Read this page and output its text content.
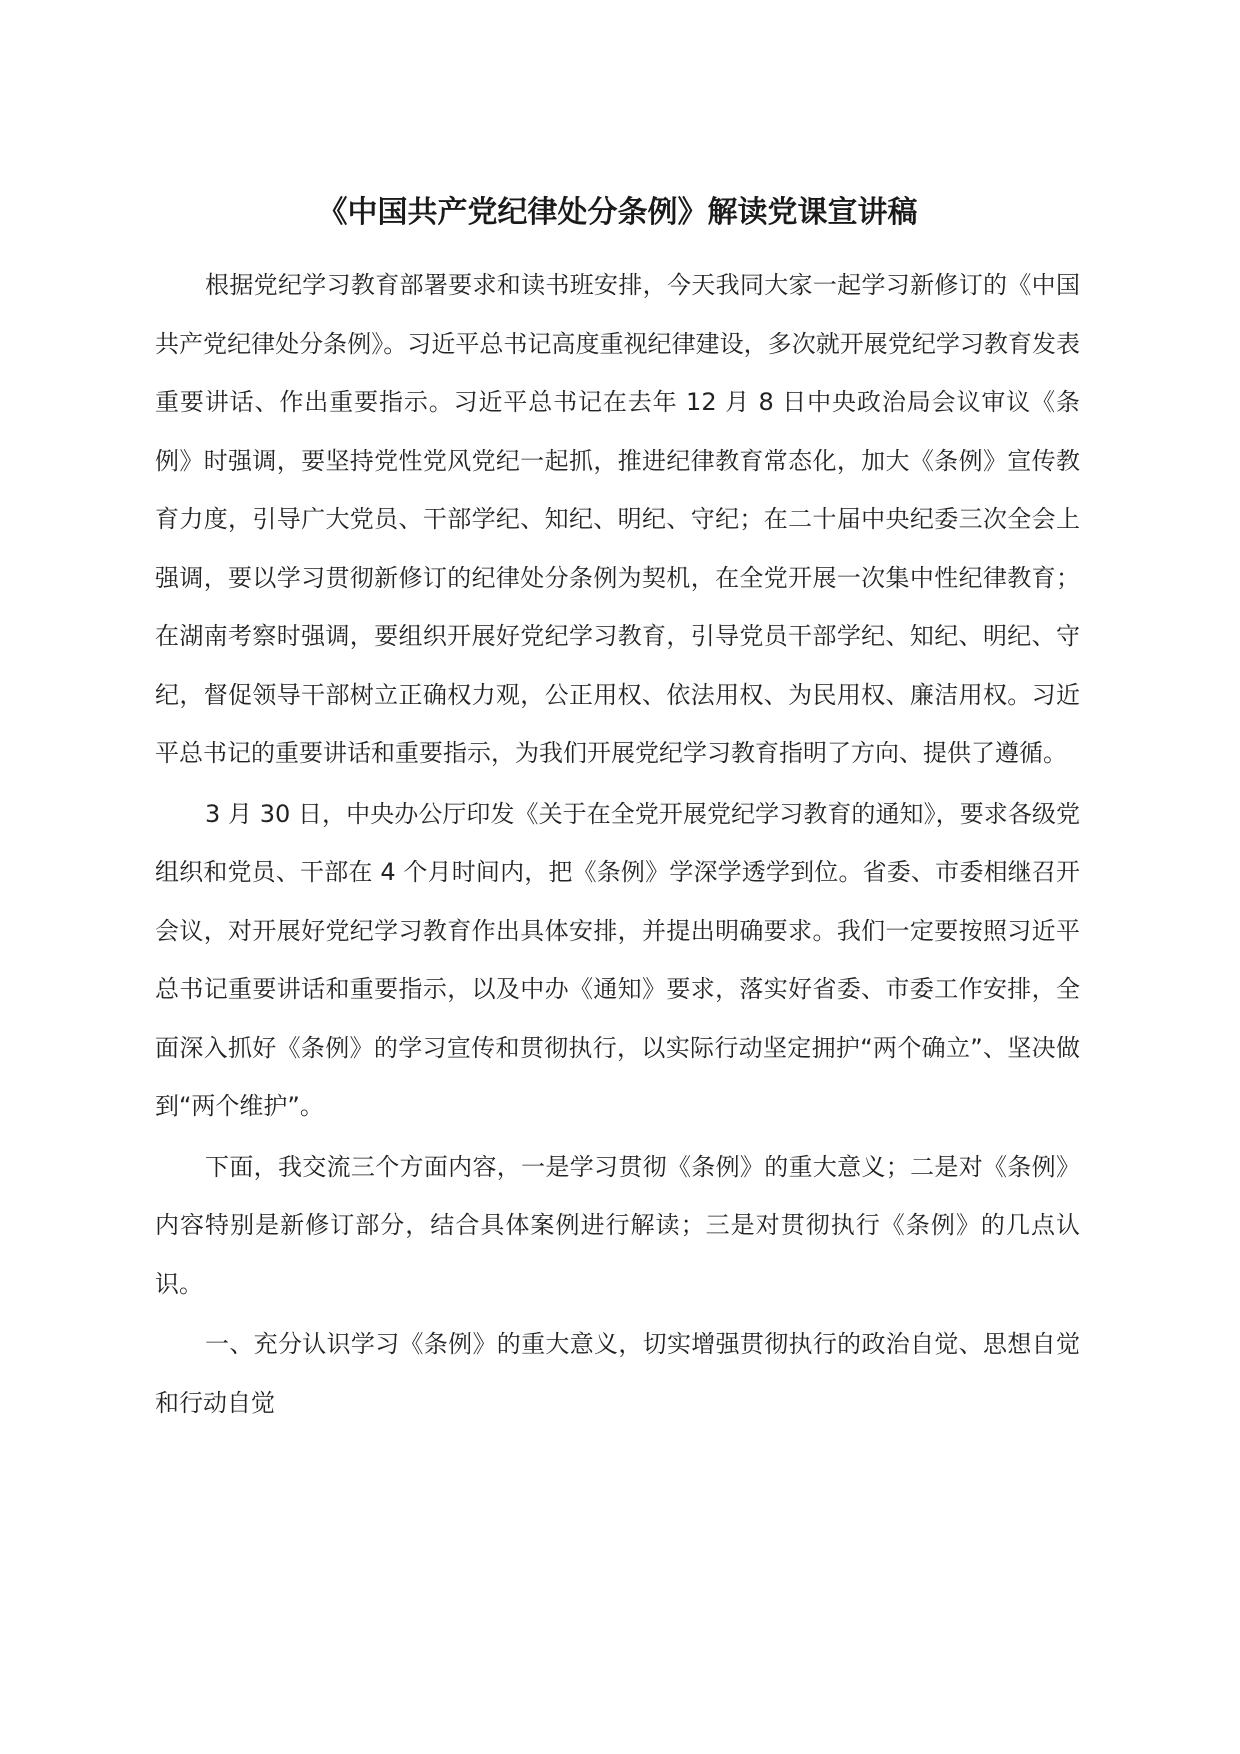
《中国共产党纪律处分条例》解读党课宣讲稿

根据党纪学习教育部署要求和读书班安排，今天我同大家一起学习新修订的《中国共产党纪律处分条例》。习近平总书记高度重视纪律建设，多次就开展党纪学习教育发表重要讲话、作出重要指示。习近平总书记在去年 12 月 8 日中央政治局会议审议《条例》时强调，要坚持党性党风党纪一起抓，推进纪律教育常态化，加大《条例》宣传教育力度，引导广大党员、干部学纪、知纪、明纪、守纪；在二十届中央纪委三次全会上强调，要以学习贯彻新修订的纪律处分条例为契机，在全党开展一次集中性纪律教育；在湖南考察时强调，要组织开展好党纪学习教育，引导党员干部学纪、知纪、明纪、守纪，督促领导干部树立正确权力观，公正用权、依法用权、为民用权、廉洁用权。习近平总书记的重要讲话和重要指示，为我们开展党纪学习教育指明了方向、提供了遵循。

3 月 30 日，中央办公厅印发《关于在全党开展党纪学习教育的通知》，要求各级党组织和党员、干部在 4 个月时间内，把《条例》学深学透学到位。省委、市委相继召开会议，对开展好党纪学习教育作出具体安排，并提出明确要求。我们一定要按照习近平总书记重要讲话和重要指示，以及中办《通知》要求，落实好省委、市委工作安排，全面深入抓好《条例》的学习宣传和贯彻执行，以实际行动坚定拥护“两个确立”、坚决做到“两个维护”。

下面，我交流三个方面内容，一是学习贯彻《条例》的重大意义；二是对《条例》内容特别是新修订部分，结合具体案例进行解读；三是对贯彻执行《条例》的几点认识。

一、充分认识学习《条例》的重大意义，切实增强贯彻执行的政治自觉、思想自觉和行动自觉
